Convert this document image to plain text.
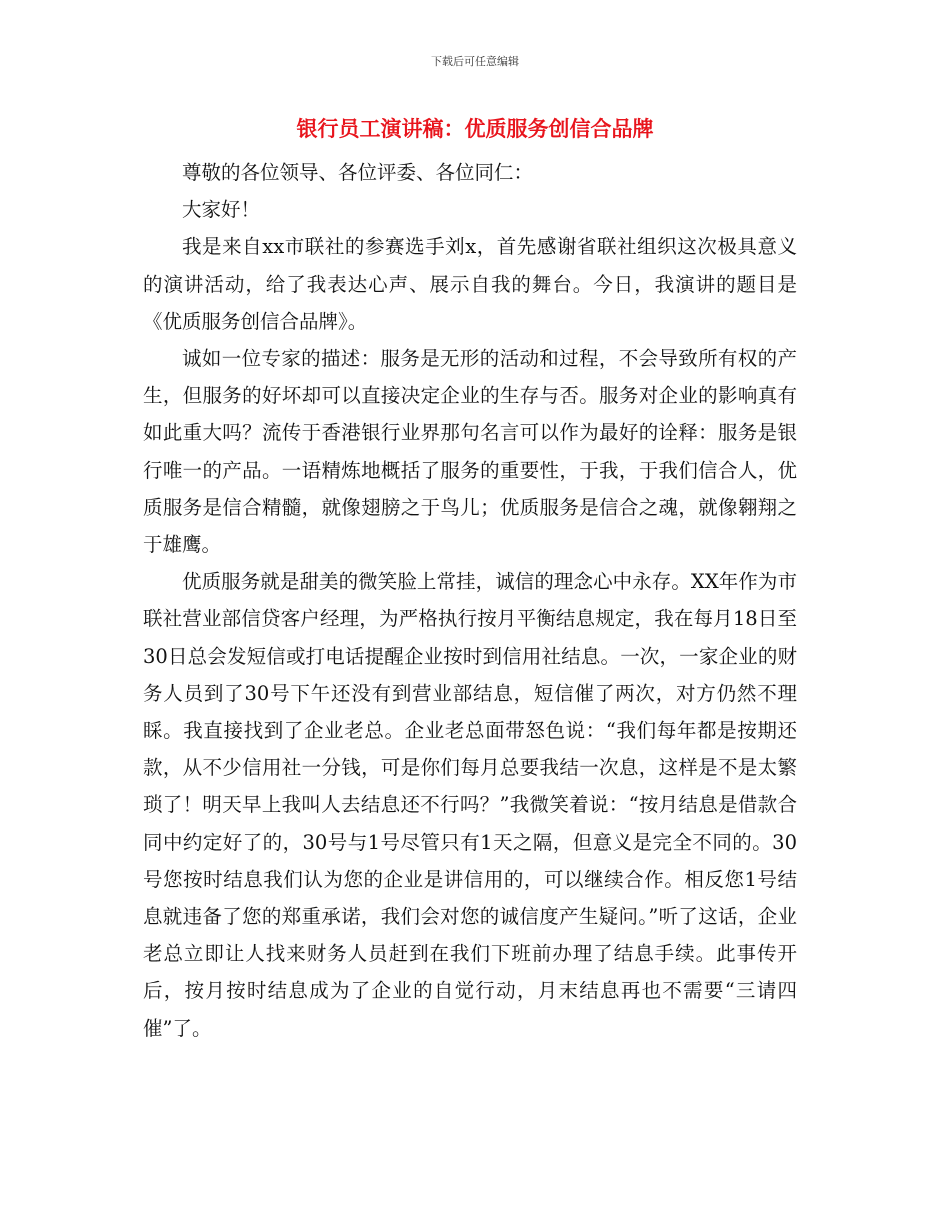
下载后可任意编辑
银行员工演讲稿：优质服务创信合品牌

尊敬的各位领导、各位评委、各位同仁：

大家好！

我是来自xx市联社的参赛选手刘x，首先感谢省联社组织这次极具意义的演讲活动，给了我表达心声、展示自我的舞台。今日，我演讲的题目是《优质服务创信合品牌》。

诚如一位专家的描述：服务是无形的活动和过程，不会导致所有权的产生，但服务的好坏却可以直接决定企业的生存与否。服务对企业的影响真有如此重大吗？流传于香港银行业界那句名言可以作为最好的诠释：服务是银行唯一的产品。一语精炼地概括了服务的重要性，于我，于我们信合人，优质服务是信合精髓，就像翅膀之于鸟儿；优质服务是信合之魂，就像翱翔之于雄鹰。

优质服务就是甜美的微笑脸上常挂，诚信的理念心中永存。XX年作为市联社营业部信贷客户经理，为严格执行按月平衡结息规定，我在每月18日至30日总会发短信或打电话提醒企业按时到信用社结息。一次，一家企业的财务人员到了30号下午还没有到营业部结息，短信催了两次，对方仍然不理睬。我直接找到了企业老总。企业老总面带怒色说：“我们每年都是按期还款，从不少信用社一分钱，可是你们每月总要我结一次息，这样是不是太繁琐了！明天早上我叫人去结息还不行吗？”我微笑着说：“按月结息是借款合同中约定好了的，30号与1号尽管只有1天之隔，但意义是完全不同的。30号您按时结息我们认为您的企业是讲信用的，可以继续合作。相反您1号结息就违备了您的郑重承诺，我们会对您的诚信度产生疑问。”听了这话，企业老总立即让人找来财务人员赶到在我们下班前办理了结息手续。此事传开后，按月按时结息成为了企业的自觉行动，月末结息再也不需要“三请四催”了。
